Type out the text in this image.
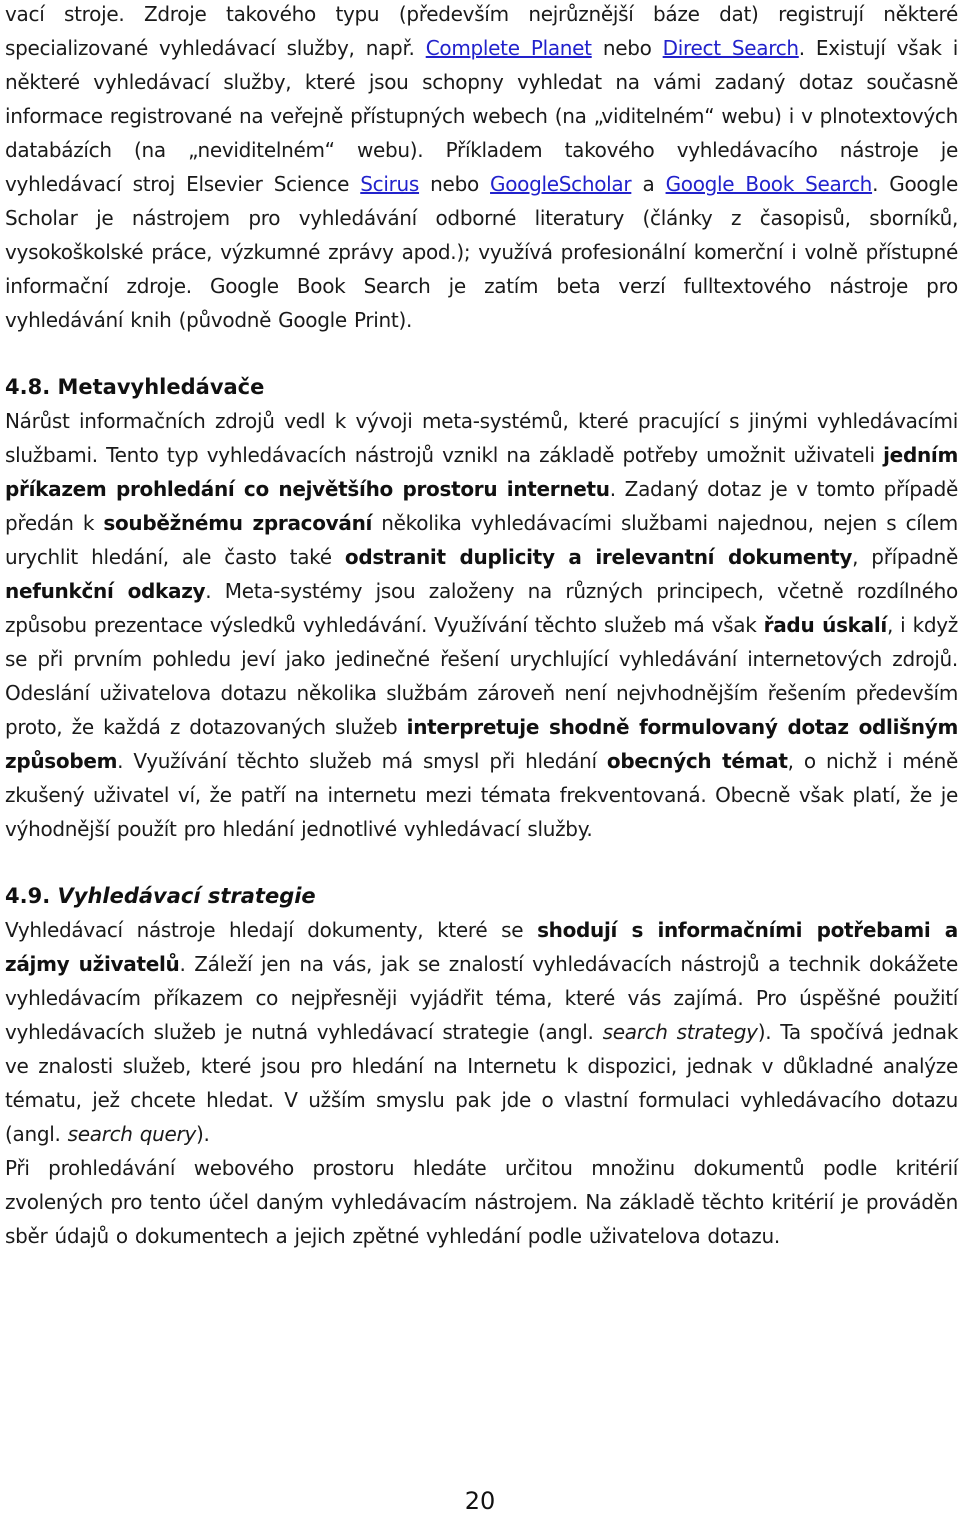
vací stroje. Zdroje takového typu (především nejrůznější báze dat) registrují některé specializované vyhledávací služby, např. Complete Planet nebo Direct Search. Existují však i některé vyhledávací služby, které jsou schopny vyhledat na vámi zadaný dotaz současně informace registrované na veřejně přístupných webech (na „viditelném“ webu) i v plnotextových databázích (na „neviditelném“ webu). Příkladem takového vyhledávacího nástroje je vyhledávací stroj Elsevier Science Scirus nebo GoogleScholar a Google Book Search. Google Scholar je nástrojem pro vyhledávání odborné literatury (články z časopisů, sborníků, vysokoškolské práce, výzkumné zprávy apod.); využívá profesionální komerční i volně přístupné informační zdroje. Google Book Search je zatím beta verzí fulltextového nástroje pro vyhledávání knih (původně Google Print).

4.8. Metavyhledávače

Nárůst informačních zdrojů vedl k vývoji meta-systémů, které pracující s jinými vyhledávacími službami. Tento typ vyhledávacích nástrojů vznikl na základě potřeby umožnit uživateli jedním příkazem prohledání co největšího prostoru internetu. Zadaný dotaz je v tomto případě předán k souběžnému zpracování několika vyhledávacími službami najednou, nejen s cílem urychlit hledání, ale často také odstranit duplicity a irelevantní dokumenty, případně nefunkční odkazy. Meta-systémy jsou založeny na různých principech, včetně rozdílného způsobu prezentace výsledků vyhledávání. Využívání těchto služeb má však řadu úskalí, i když se při prvním pohledu jeví jako jedinečné řešení urychlující vyhledávání internetových zdrojů. Odeslání uživatelova dotazu několika službám zároveň není nejvhodnějším řešením především proto, že každá z dotazovaných služeb interpretuje shodně formulovaný dotaz odlišným způsobem. Využívání těchto služeb má smysl při hledání obecných témat, o nichž i méně zkušený uživatel ví, že patří na internetu mezi témata frekventovaná. Obecně však platí, že je výhodnější použít pro hledání jednotlivé vyhledávací služby.

4.9. Vyhledávací strategie

Vyhledávací nástroje hledají dokumenty, které se shodují s informačními potřebami a zájmy uživatelů. Záleží jen na vás, jak se znalostí vyhledávacích nástrojů a technik dokážete vyhledávacím příkazem co nejpřesněji vyjádřit téma, které vás zajímá. Pro úspěšné použití vyhledávacích služeb je nutná vyhledávací strategie (angl. search strategy). Ta spočívá jednak ve znalosti služeb, které jsou pro hledání na Internetu k dispozici, jednak v důkladné analýze tématu, jež chcete hledat. V užším smyslu pak jde o vlastní formulaci vyhledávacího dotazu (angl. search query).

Při prohledávání webového prostoru hledáte určitou množinu dokumentů podle kritérií zvolených pro tento účel daným vyhledávacím nástrojem. Na základě těchto kritérií je prováděn sběr údajů o dokumentech a jejich zpětné vyhledání podle uživatelova dotazu.

20
